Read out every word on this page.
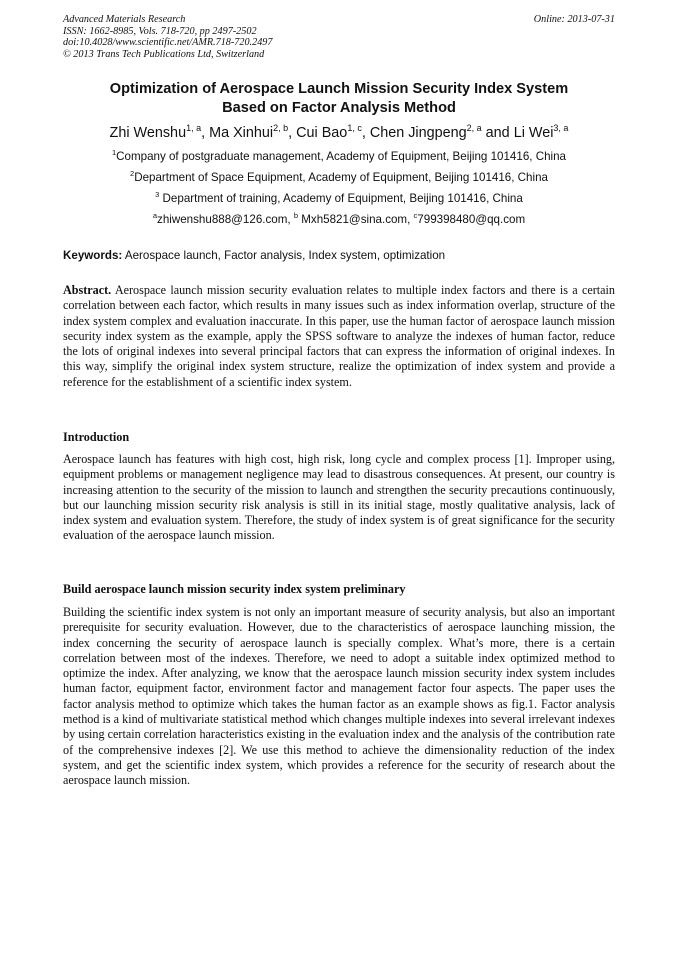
Advanced Materials Research	Online: 2013-07-31
ISSN: 1662-8985, Vols. 718-720, pp 2497-2502
doi:10.4028/www.scientific.net/AMR.718-720.2497
© 2013 Trans Tech Publications Ltd, Switzerland
Optimization of Aerospace Launch Mission Security Index System
Based on Factor Analysis Method
Zhi Wenshu$^{1, a}$, Ma Xinhui$^{2, b}$, Cui Bao$^{1, c}$, Chen Jingpeng$^{2, a}$ and Li Wei$^{3, a}$
$^1$Company of postgraduate management, Academy of Equipment, Beijing 101416, China
$^2$Department of Space Equipment, Academy of Equipment, Beijing 101416, China
$^3$ Department of training, Academy of Equipment, Beijing 101416, China
$^a$zhiwenshu888@126.com, $^b$ Mxh5821@sina.com, $^c$799398480@qq.com
Keywords: Aerospace launch, Factor analysis, Index system, optimization
Abstract. Aerospace launch mission security evaluation relates to multiple index factors and there is a certain correlation between each factor, which results in many issues such as index information overlap, structure of the index system complex and evaluation inaccurate. In this paper, use the human factor of aerospace launch mission security index system as the example, apply the SPSS software to analyze the indexes of human factor, reduce the lots of original indexes into several principal factors that can express the information of original indexes. In this way, simplify the original index system structure, realize the optimization of index system and provide a reference for the establishment of a scientific index system.
Introduction
Aerospace launch has features with high cost, high risk, long cycle and complex process [1]. Improper using, equipment problems or management negligence may lead to disastrous consequences. At present, our country is increasing attention to the security of the mission to launch and strengthen the security precautions continuously, but our launching mission security risk analysis is still in its initial stage, mostly qualitative analysis, lack of index system and evaluation system. Therefore, the study of index system is of great significance for the security evaluation of the aerospace launch mission.
Build aerospace launch mission security index system preliminary
Building the scientific index system is not only an important measure of security analysis, but also an important prerequisite for security evaluation. However, due to the characteristics of aerospace launching mission, the index concerning the security of aerospace launch is specially complex. What’s more, there is a certain correlation between most of the indexes. Therefore, we need to adopt a suitable index optimized method to optimize the index. After analyzing, we know that the aerospace launch mission security index system includes human factor, equipment factor, environment factor and management factor four aspects. The paper uses the factor analysis method to optimize which takes the human factor as an example shows as fig.1. Factor analysis method is a kind of multivariate statistical method which changes multiple indexes into several irrelevant indexes by using certain correlation haracteristics existing in the evaluation index and the analysis of the contribution rate of the comprehensive indexes [2]. We use this method to achieve the dimensionality reduction of the index system, and get the scientific index system, which provides a reference for the security of research about the aerospace launch mission.
